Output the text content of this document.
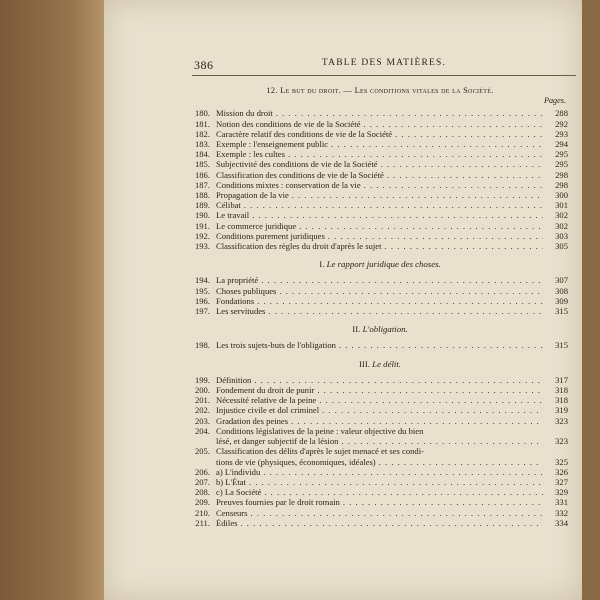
386	TABLE DES MATIÈRES.
12. Le but du droit. — Les conditions vitales de la Société.
Pages.
180. Mission du droit . . .	288
181. Notion des conditions de vie de la Société . . .	292
182. Caractère relatif des conditions de vie de la Société . . .	293
183. Exemple : l'enseignement public . . .	294
184. Exemple : les cultes . . .	295
185. Subjectivité des conditions de vie de la Société . . .	295
186. Classification des conditions de vie de la Société . . .	298
187. Conditions mixtes : conservation de la vie . . .	298
188. Propagation de la vie . . .	300
189. Célibat . . .	301
190. Le travail . . .	302
191. Le commerce juridique . . .	302
192. Conditions purement juridiques . . .	303
193. Classification des règles du droit d'après le sujet . . .	305
I. Le rapport juridique des choses.
194. La propriété . . .	307
195. Choses publiques . . .	308
196. Fondations . . .	309
197. Les servitudes . . .	315
II. L'obligation.
198. Les trois sujets-buts de l'obligation . . .	315
III. Le délit.
199. Définition . . .	317
200. Fondement du droit de punir . . .	318
201. Nécessité relative de la peine . . .	318
202. Injustice civile et dol criminel . . .	319
203. Gradation des peines . . .	323
204. Conditions législatives de la peine : valeur objective du bien
lésé, et danger subjectif de la lésion . . .	323
205. Classification des délits d'après le sujet menacé et ses condi-
tions de vie (physiques, économiques, idéales) . . .	325
206. a) L'individu . . .	326
207. b) L'État . . .	327
208. c) La Société . . .	329
209. Preuves fournies par le droit romain . . .	331
210. Censeurs . . .	332
211. Édiles . . .	334
